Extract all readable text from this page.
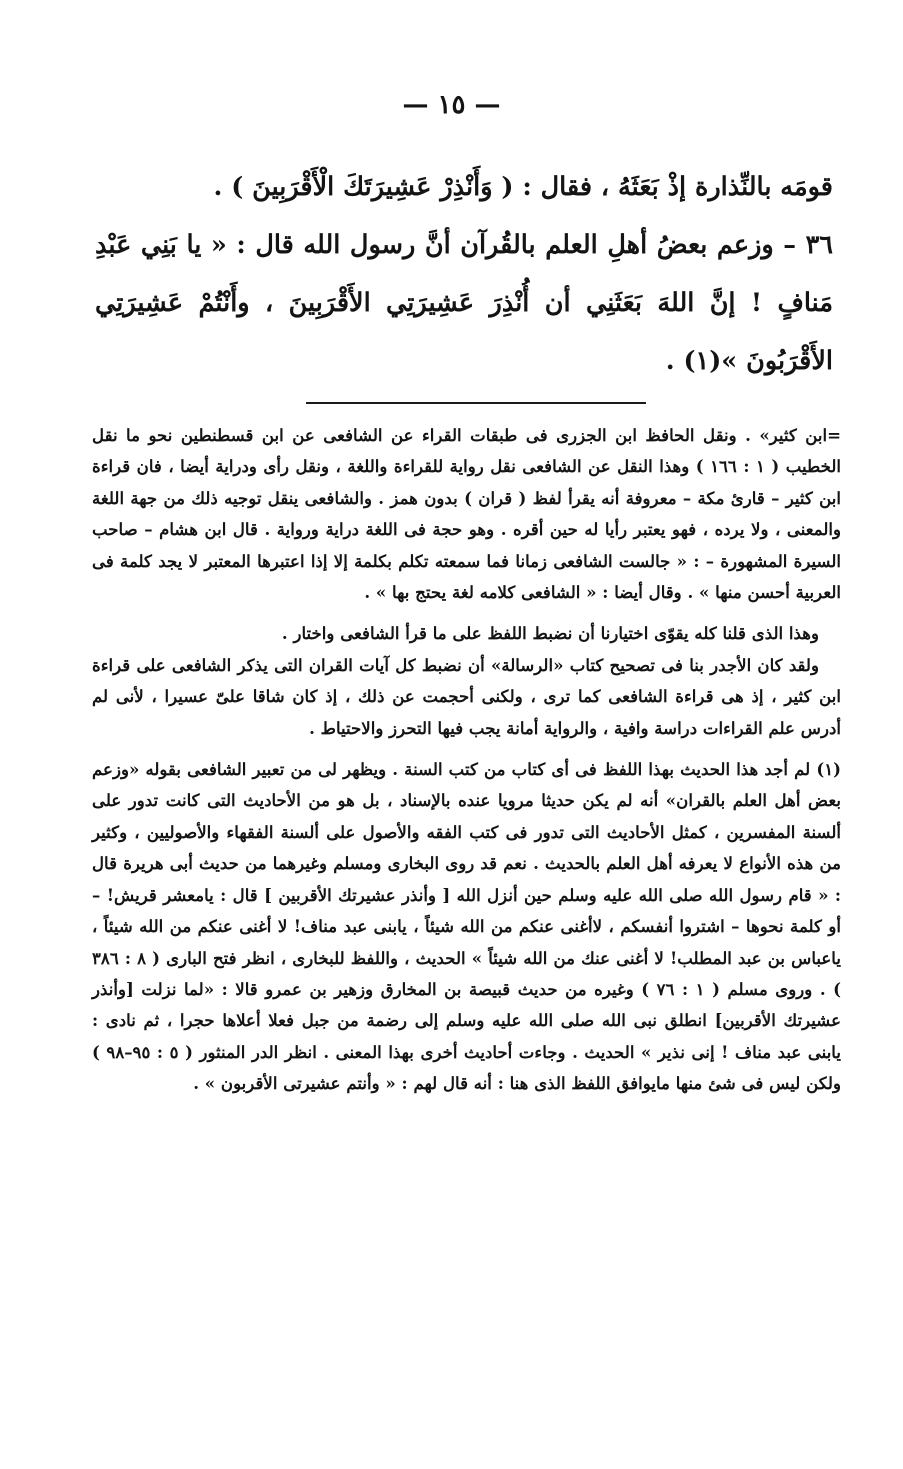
— ١٥ —

قومَه بالنِّذارة إذْ بَعَثَهُ ، فقال : ( وَأَنْذِرْ عَشِيرَتَكَ الْأَقْرَبِينَ ) .

٣٦ – وزعم بعضُ أهلِ العلم بالقُرآن أنَّ رسول الله قال : « يا بَنِي عَبْدِ مَنافٍ ! إنَّ اللهَ بَعَثَنِي أن أُنْذِرَ عَشِيرَتِي الأَقْرَبِينَ ، وأَنْتُمْ عَشِيرَتِي الأَقْرَبُونَ »(١) .

=ابن كثير» . ونقل الحافظ ابن الجزرى فى طبقات القراء عن الشافعى عن ابن قسطنطين نحو ما نقل الخطيب ( ١ : ١٦٦ ) وهذا النقل عن الشافعى نقل رواية للقراءة واللغة ، ونقل رأى ودراية أيضا ، فان قراءة ابن كثير – قارئ مكة – معروفة أنه يقرأ لفظ ( قران ) بدون همز . والشافعى ينقل توجيه ذلك من جهة اللغة والمعنى ، ولا يرده ، فهو يعتبر رأيا له حين أقره . وهو حجة فى اللغة دراية ورواية . قال ابن هشام – صاحب السيرة المشهورة – : « جالست الشافعى زمانا فما سمعته تكلم بكلمة إلا إذا اعتبرها المعتبر لا يجد كلمة فى العربية أحسن منها » . وقال أيضا : « الشافعى كلامه لغة يحتج بها » .

وهذا الذى قلنا كله يقوّى اختيارنا أن نضبط اللفظ على ما قرأ الشافعى واختار .

ولقد كان الأجدر بنا فى تصحيح كتاب «الرسالة» أن نضبط كل آيات القران التى يذكر الشافعى على قراءة ابن كثير ، إذ هى قراءة الشافعى كما ترى ، ولكنى أحجمت عن ذلك ، إذ كان شاقا علىّ عسيرا ، لأنى لم أدرس علم القراءات دراسة وافية ، والرواية أمانة يجب فيها التحرز والاحتياط .

(١) لم أجد هذا الحديث بهذا اللفظ فى أى كتاب من كتب السنة . ويظهر لى من تعبير الشافعى بقوله «وزعم بعض أهل العلم بالقران» أنه لم يكن حديثا مرويا عنده بالإسناد ، بل هو من الأحاديث التى كانت تدور على ألسنة المفسرين ، كمثل الأحاديث التى تدور فى كتب الفقه والأصول على ألسنة الفقهاء والأصوليين ، وكثير من هذه الأنواع لا يعرفه أهل العلم بالحديث . نعم قد روى البخارى ومسلم وغيرهما من حديث أبى هريرة قال : « قام رسول الله صلى الله عليه وسلم حين أنزل الله [ وأنذر عشيرتك الأقربين ] قال : يامعشر قريش! – أو كلمة نحوها – اشتروا أنفسكم ، لاأغنى عنكم من الله شيئاً ، يابنى عبد مناف! لا أغنى عنكم من الله شيئاً ، ياعباس بن عبد المطلب! لا أغنى عنك من الله شيئاً » الحديث ، واللفظ للبخارى ، انظر فتح البارى ( ٨ : ٣٨٦ ) . وروى مسلم ( ١ : ٧٦ ) وغيره من حديث قبيصة بن المخارق وزهير بن عمرو قالا : «لما نزلت [وأنذر عشيرتك الأقربين] انطلق نبى الله صلى الله عليه وسلم إلى رضمة من جبل فعلا أعلاها حجرا ، ثم نادى : يابنى عبد مناف ! إنى نذير » الحديث . وجاءت أحاديث أخرى بهذا المعنى . انظر الدر المنثور ( ٥ : ٩٥–٩٨ ) ولكن ليس فى شئ منها مايوافق اللفظ الذى هنا : أنه قال لهم : « وأنتم عشيرتى الأقربون » .
